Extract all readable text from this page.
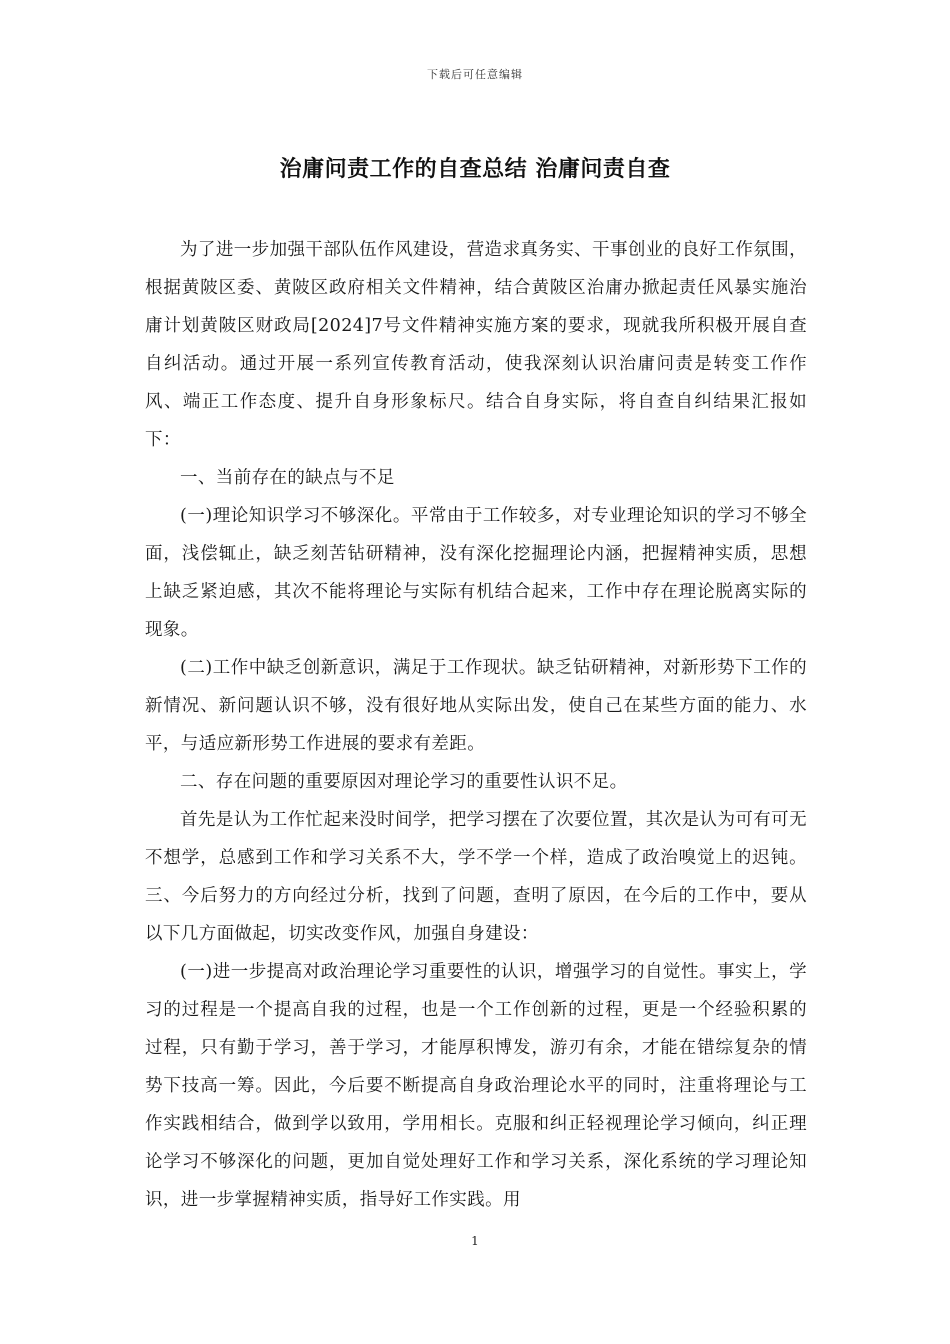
下载后可任意编辑
治庸问责工作的自查总结 治庸问责自查

为了进一步加强干部队伍作风建设，营造求真务实、干事创业的良好工作氛围，根据黄陂区委、黄陂区政府相关文件精神，结合黄陂区治庸办掀起责任风暴实施治庸计划黄陂区财政局[2024]7号文件精神实施方案的要求，现就我所积极开展自查自纠活动。通过开展一系列宣传教育活动，使我深刻认识治庸问责是转变工作作风、端正工作态度、提升自身形象标尺。结合自身实际，将自查自纠结果汇报如下：

一、当前存在的缺点与不足

(一)理论知识学习不够深化。平常由于工作较多，对专业理论知识的学习不够全面，浅偿辄止，缺乏刻苦钻研精神，没有深化挖掘理论内涵，把握精神实质，思想上缺乏紧迫感，其次不能将理论与实际有机结合起来，工作中存在理论脱离实际的现象。

(二)工作中缺乏创新意识，满足于工作现状。缺乏钻研精神，对新形势下工作的新情况、新问题认识不够，没有很好地从实际出发，使自己在某些方面的能力、水平，与适应新形势工作进展的要求有差距。

二、存在问题的重要原因对理论学习的重要性认识不足。

首先是认为工作忙起来没时间学，把学习摆在了次要位置，其次是认为可有可无不想学，总感到工作和学习关系不大，学不学一个样，造成了政治嗅觉上的迟钝。三、今后努力的方向经过分析，找到了问题，查明了原因，在今后的工作中，要从以下几方面做起，切实改变作风，加强自身建设：

(一)进一步提高对政治理论学习重要性的认识，增强学习的自觉性。事实上，学习的过程是一个提高自我的过程，也是一个工作创新的过程，更是一个经验积累的过程，只有勤于学习，善于学习，才能厚积博发，游刃有余，才能在错综复杂的情势下技高一筹。因此，今后要不断提高自身政治理论水平的同时，注重将理论与工作实践相结合，做到学以致用，学用相长。克服和纠正轻视理论学习倾向，纠正理论学习不够深化的问题，更加自觉处理好工作和学习关系，深化系统的学习理论知识，进一步掌握精神实质，指导好工作实践。用

1
